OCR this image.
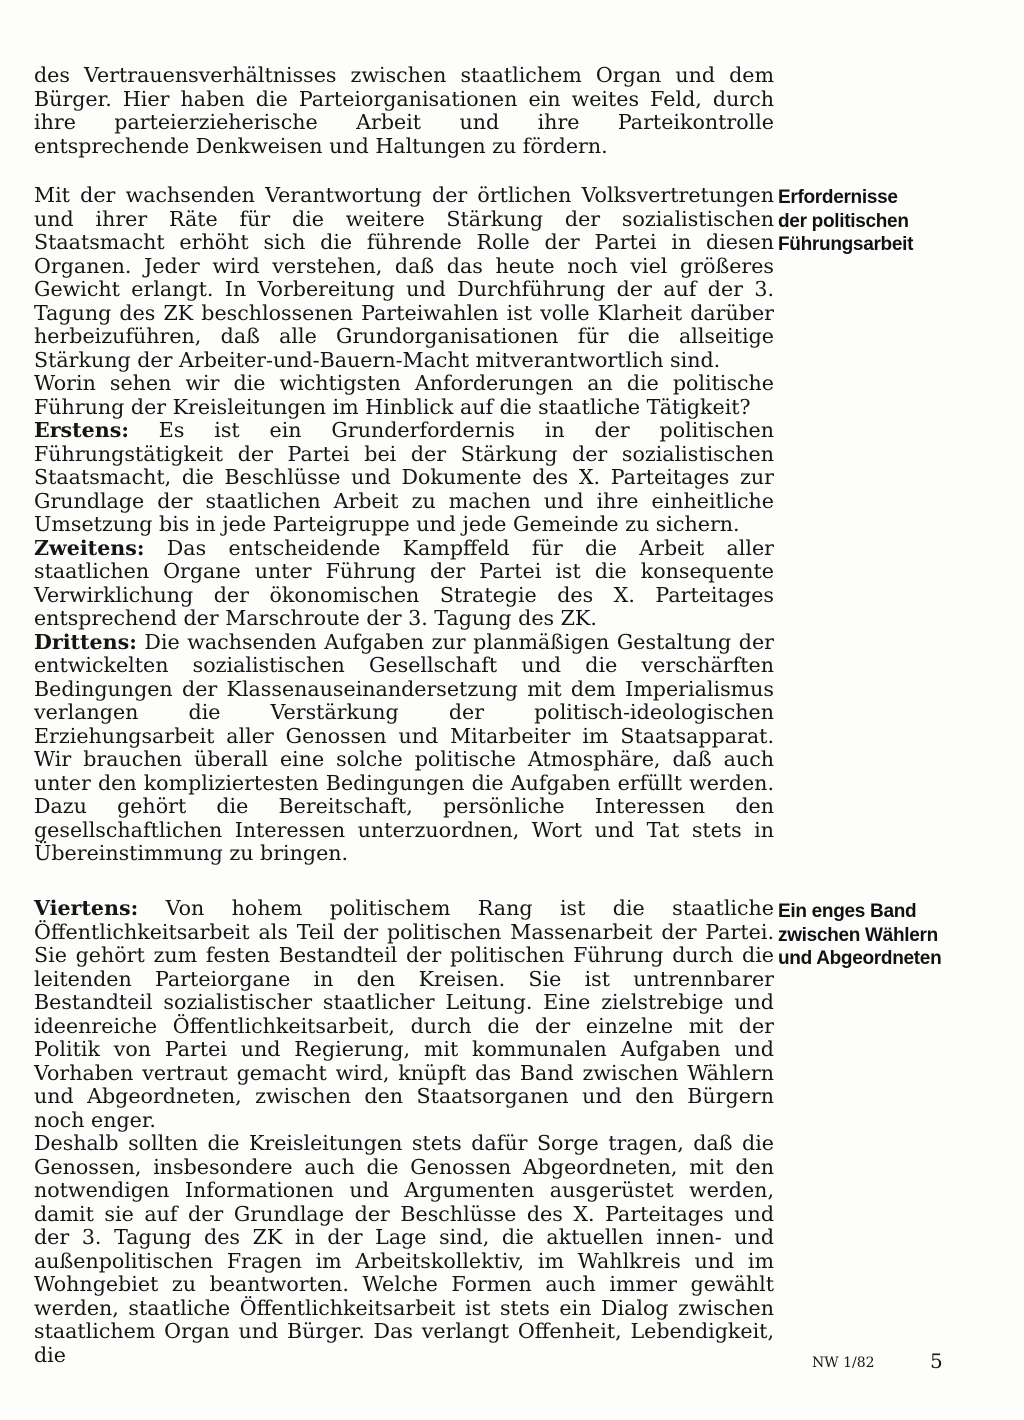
des Vertrauensverhältnisses zwischen staatlichem Organ und dem Bürger. Hier haben die Parteiorganisationen ein weites Feld, durch ihre parteierzieherische Arbeit und ihre Parteikontrolle entsprechende Denkweisen und Haltungen zu fördern.

Mit der wachsenden Verantwortung der örtlichen Volksvertretungen und ihrer Räte für die weitere Stärkung der sozialistischen Staatsmacht erhöht sich die führende Rolle der Partei in diesen Organen. Jeder wird verstehen, daß das heute noch viel größeres Gewicht erlangt. In Vorbereitung und Durchführung der auf der 3. Tagung des ZK beschlossenen Parteiwahlen ist volle Klarheit darüber herbeizuführen, daß alle Grundorganisationen für die allseitige Stärkung der Arbeiter-und-Bauern-Macht mitverantwortlich sind.

Worin sehen wir die wichtigsten Anforderungen an die politische Führung der Kreisleitungen im Hinblick auf die staatliche Tätigkeit?

Erstens: Es ist ein Grunderfordernis in der politischen Führungstätigkeit der Partei bei der Stärkung der sozialistischen Staatsmacht, die Beschlüsse und Dokumente des X. Parteitages zur Grundlage der staatlichen Arbeit zu machen und ihre einheitliche Umsetzung bis in jede Parteigruppe und jede Gemeinde zu sichern.

Zweitens: Das entscheidende Kampffeld für die Arbeit aller staatlichen Organe unter Führung der Partei ist die konsequente Verwirklichung der ökonomischen Strategie des X. Parteitages entsprechend der Marschroute der 3. Tagung des ZK.

Drittens: Die wachsenden Aufgaben zur planmäßigen Gestaltung der entwickelten sozialistischen Gesellschaft und die verschärften Bedingungen der Klassenauseinandersetzung mit dem Imperialismus verlangen die Verstärkung der politisch-ideologischen Erziehungsarbeit aller Genossen und Mitarbeiter im Staatsapparat. Wir brauchen überall eine solche politische Atmosphäre, daß auch unter den kompliziertesten Bedingungen die Aufgaben erfüllt werden. Dazu gehört die Bereitschaft, persönliche Interessen den gesellschaftlichen Interessen unterzuordnen, Wort und Tat stets in Übereinstimmung zu bringen.

Viertens: Von hohem politischem Rang ist die staatliche Öffentlichkeitsarbeit als Teil der politischen Massenarbeit der Partei. Sie gehört zum festen Bestandteil der politischen Führung durch die leitenden Parteiorgane in den Kreisen. Sie ist untrennbarer Bestandteil sozialistischer staatlicher Leitung. Eine zielstrebige und ideenreiche Öffentlichkeitsarbeit, durch die der einzelne mit der Politik von Partei und Regierung, mit kommunalen Aufgaben und Vorhaben vertraut gemacht wird, knüpft das Band zwischen Wählern und Abgeordneten, zwischen den Staatsorganen und den Bürgern noch enger.

Deshalb sollten die Kreisleitungen stets dafür Sorge tragen, daß die Genossen, insbesondere auch die Genossen Abgeordneten, mit den notwendigen Informationen und Argumenten ausgerüstet werden, damit sie auf der Grundlage der Beschlüsse des X. Parteitages und der 3. Tagung des ZK in der Lage sind, die aktuellen innen- und außenpolitischen Fragen im Arbeitskollektiv, im Wahlkreis und im Wohngebiet zu beantworten. Welche Formen auch immer gewählt werden, staatliche Öffentlichkeitsarbeit ist stets ein Dialog zwischen staatlichem Organ und Bürger. Das verlangt Offenheit, Lebendigkeit, die

Erfordernisse
der politischen
Führungsarbeit
Ein enges Band
zwischen Wählern
und Abgeordneten
NW 1/82	5
